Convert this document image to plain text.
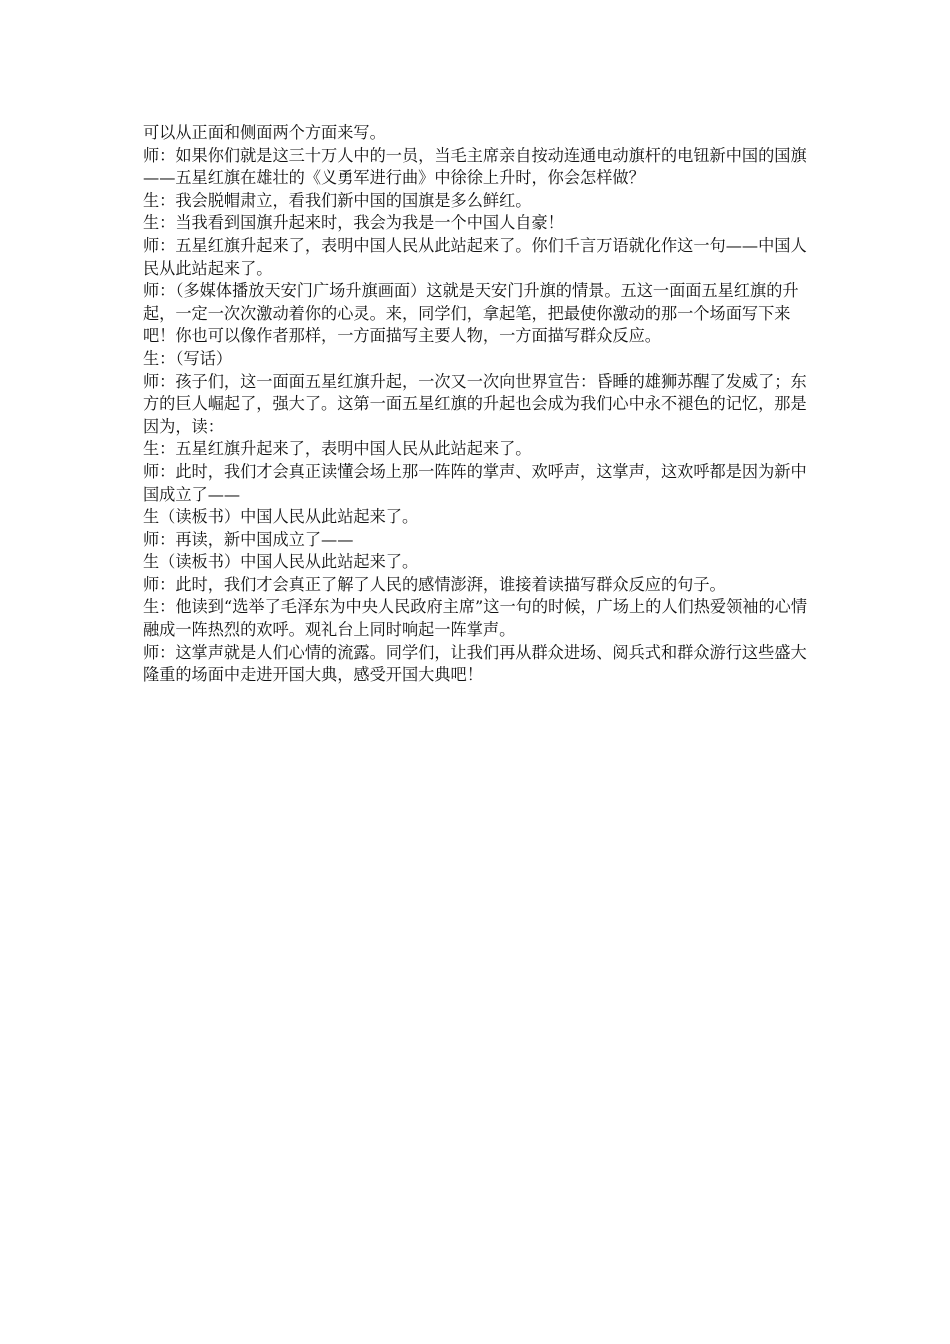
可以从正面和侧面两个方面来写。

师：如果你们就是这三十万人中的一员，当毛主席亲自按动连通电动旗杆的电钮新中国的国旗——五星红旗在雄壮的《义勇军进行曲》中徐徐上升时，你会怎样做？

生：我会脱帽肃立，看我们新中国的国旗是多么鲜红。

生：当我看到国旗升起来时，我会为我是一个中国人自豪！

师：五星红旗升起来了，表明中国人民从此站起来了。你们千言万语就化作这一句——中国人民从此站起来了。

师：（多媒体播放天安门广场升旗画面）这就是天安门升旗的情景。五这一面面五星红旗的升起，一定一次次激动着你的心灵。来，同学们，拿起笔，把最使你激动的那一个场面写下来吧！你也可以像作者那样，一方面描写主要人物，一方面描写群众反应。

生：（写话）

师：孩子们，这一面面五星红旗升起，一次又一次向世界宣告：昏睡的雄狮苏醒了发威了；东方的巨人崛起了，强大了。这第一面五星红旗的升起也会成为我们心中永不褪色的记忆，那是因为，读：

生：五星红旗升起来了，表明中国人民从此站起来了。

师：此时，我们才会真正读懂会场上那一阵阵的掌声、欢呼声，这掌声，这欢呼都是因为新中国成立了——

生（读板书）中国人民从此站起来了。

师：再读，新中国成立了——

生（读板书）中国人民从此站起来了。

师：此时，我们才会真正了解了人民的感情澎湃，谁接着读描写群众反应的句子。

生：他读到“选举了毛泽东为中央人民政府主席”这一句的时候，广场上的人们热爱领袖的心情融成一阵热烈的欢呼。观礼台上同时响起一阵掌声。

师：这掌声就是人们心情的流露。同学们，让我们再从群众进场、阅兵式和群众游行这些盛大隆重的场面中走进开国大典，感受开国大典吧！
